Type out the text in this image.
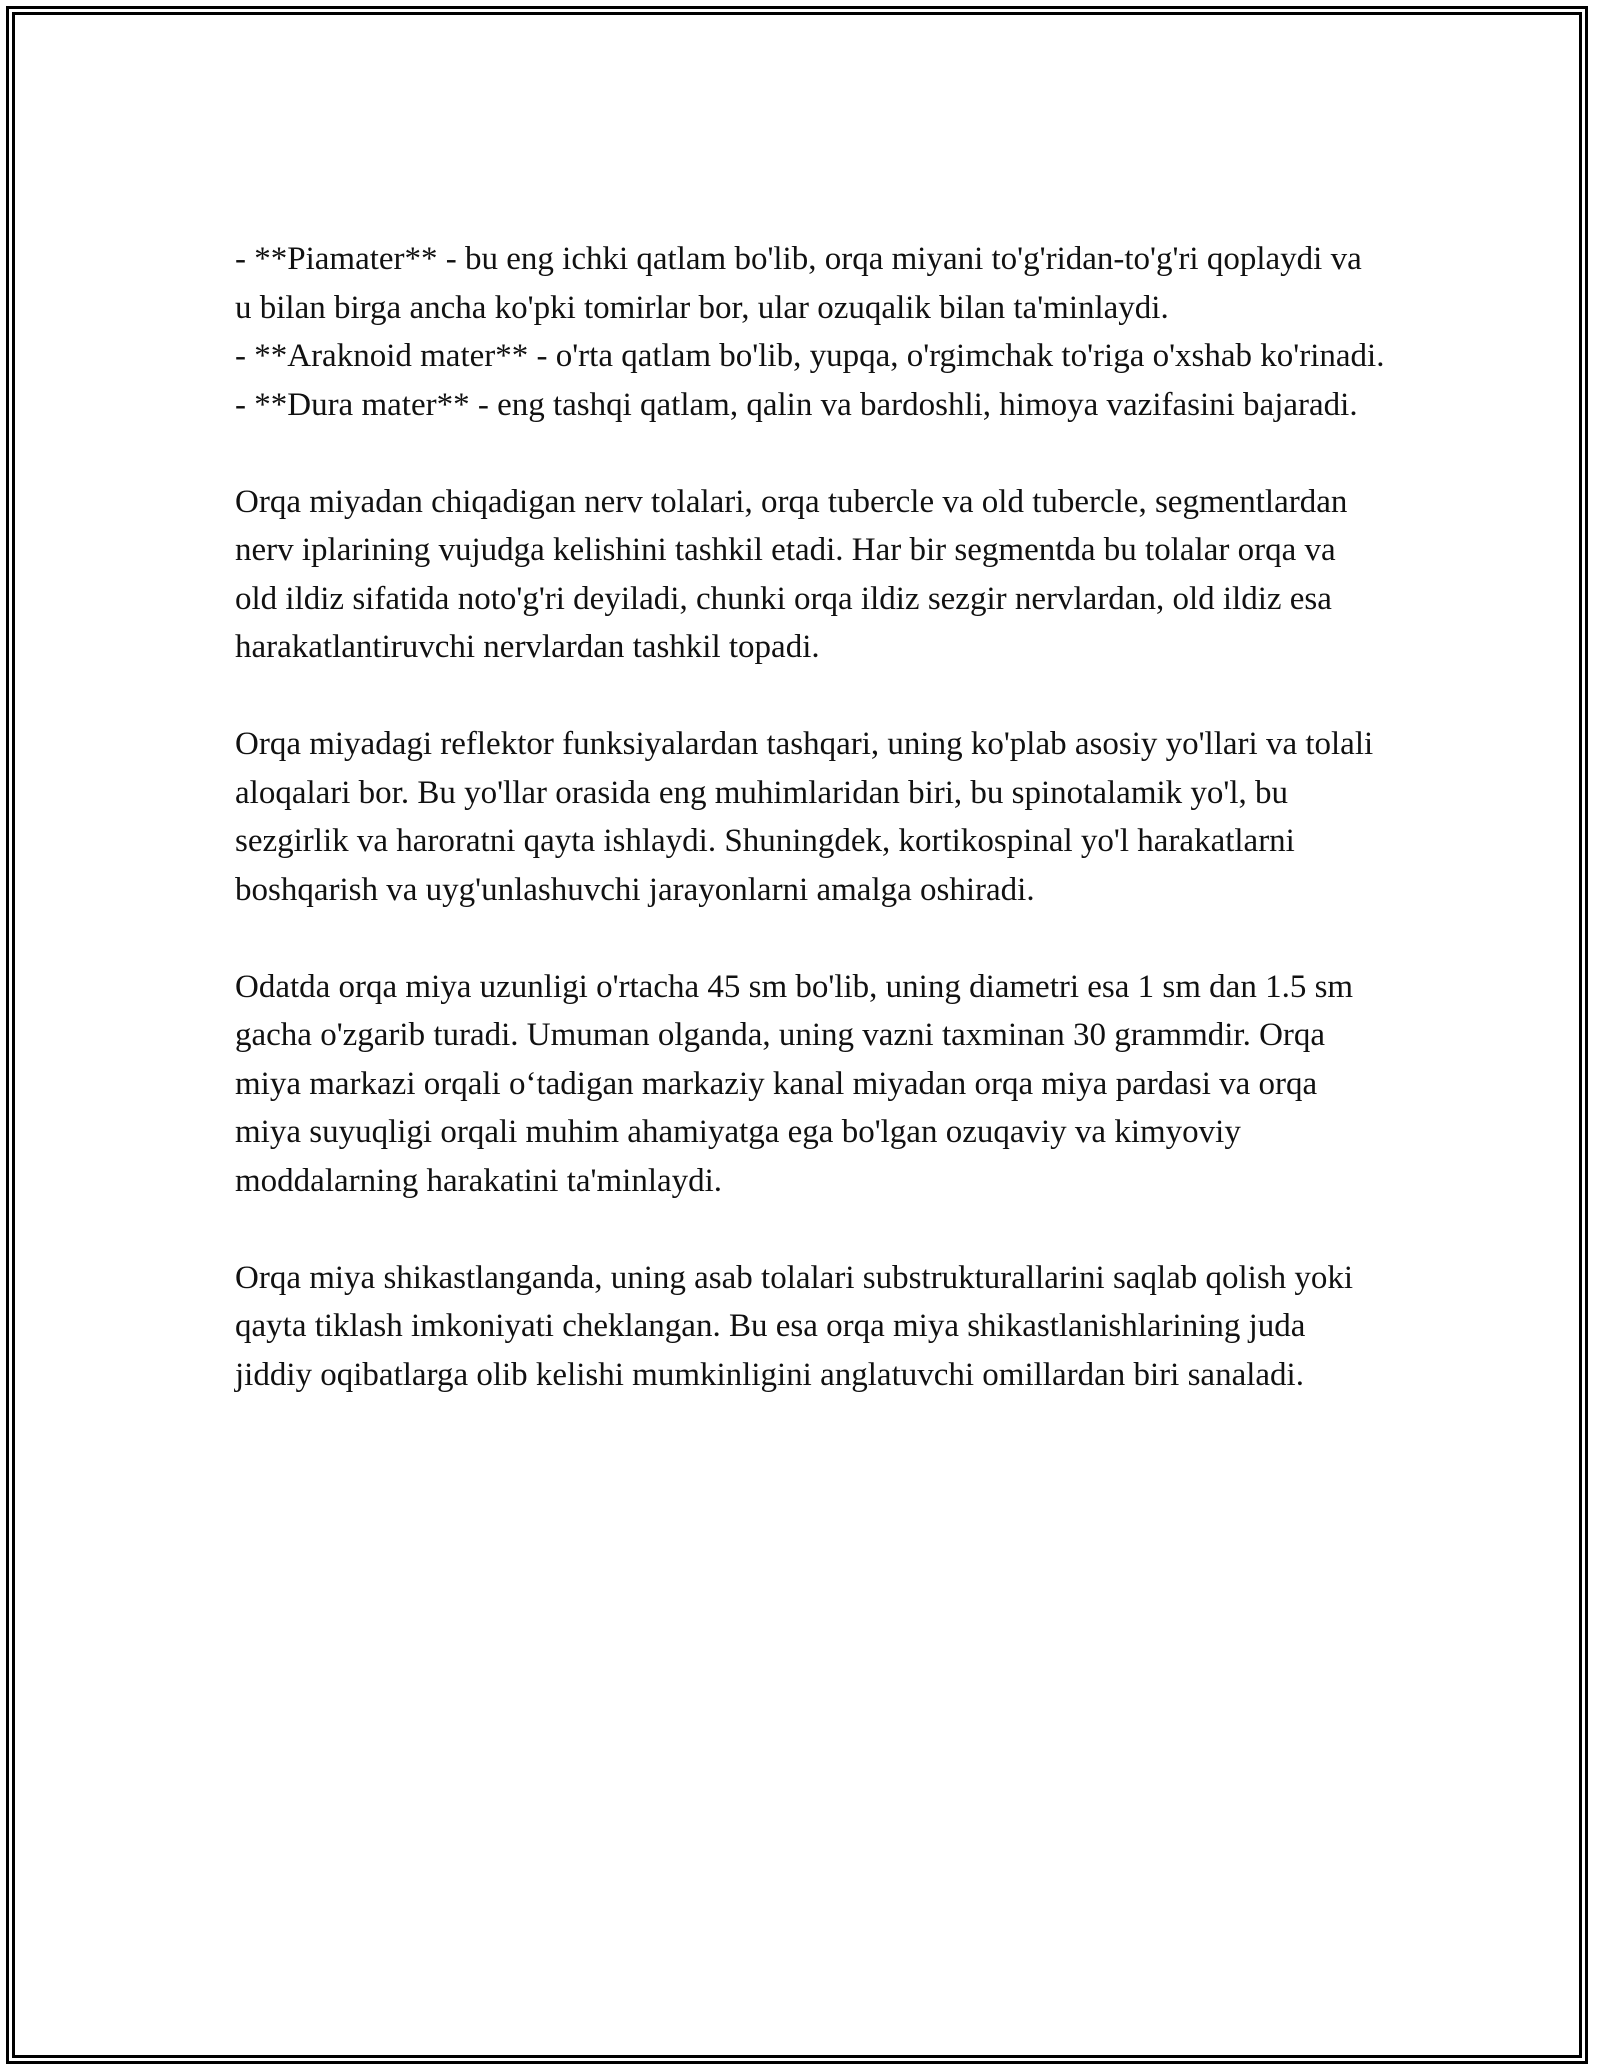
- **Piamater** - bu eng ichki qatlam bo'lib, orqa miyani to'g'ridan-to'g'ri qoplaydi va u bilan birga ancha ko'pki tomirlar bor, ular ozuqalik bilan ta'minlaydi.
- **Araknoid mater** - o'rta qatlam bo'lib, yupqa, o'rgimchak to'riga o'xshab ko'rinadi.
- **Dura mater** - eng tashqi qatlam, qalin va bardoshli, himoya vazifasini bajaradi.

Orqa miyadan chiqadigan nerv tolalari, orqa tubercle va old tubercle, segmentlardan nerv iplarining vujudga kelishini tashkil etadi. Har bir segmentda bu tolalar orqa va old ildiz sifatida noto'g'ri deyiladi, chunki orqa ildiz sezgir nervlardan, old ildiz esa harakatlantiruvchi nervlardan tashkil topadi.

Orqa miyadagi reflektor funksiyalardan tashqari, uning ko'plab asosiy yo'llari va tolali aloqalari bor. Bu yo'llar orasida eng muhimlaridan biri, bu spinotalamik yo'l, bu sezgirlik va haroratni qayta ishlaydi. Shuningdek, kortikospinal yo'l harakatlarni boshqarish va uyg'unlashuvchi jarayonlarni amalga oshiradi.

Odatda orqa miya uzunligi o'rtacha 45 sm bo'lib, uning diametri esa 1 sm dan 1.5 sm gacha o'zgarib turadi. Umuman olganda, uning vazni taxminan 30 grammdir. Orqa miya markazi orqali o‘tadigan markaziy kanal miyadan orqa miya pardasi va orqa miya suyuqligi orqali muhim ahamiyatga ega bo'lgan ozuqaviy va kimyoviy moddalarning harakatini ta'minlaydi.

Orqa miya shikastlanganda, uning asab tolalari substrukturallarini saqlab qolish yoki qayta tiklash imkoniyati cheklangan. Bu esa orqa miya shikastlanishlarining juda jiddiy oqibatlarga olib kelishi mumkinligini anglatuvchi omillardan biri sanaladi.
